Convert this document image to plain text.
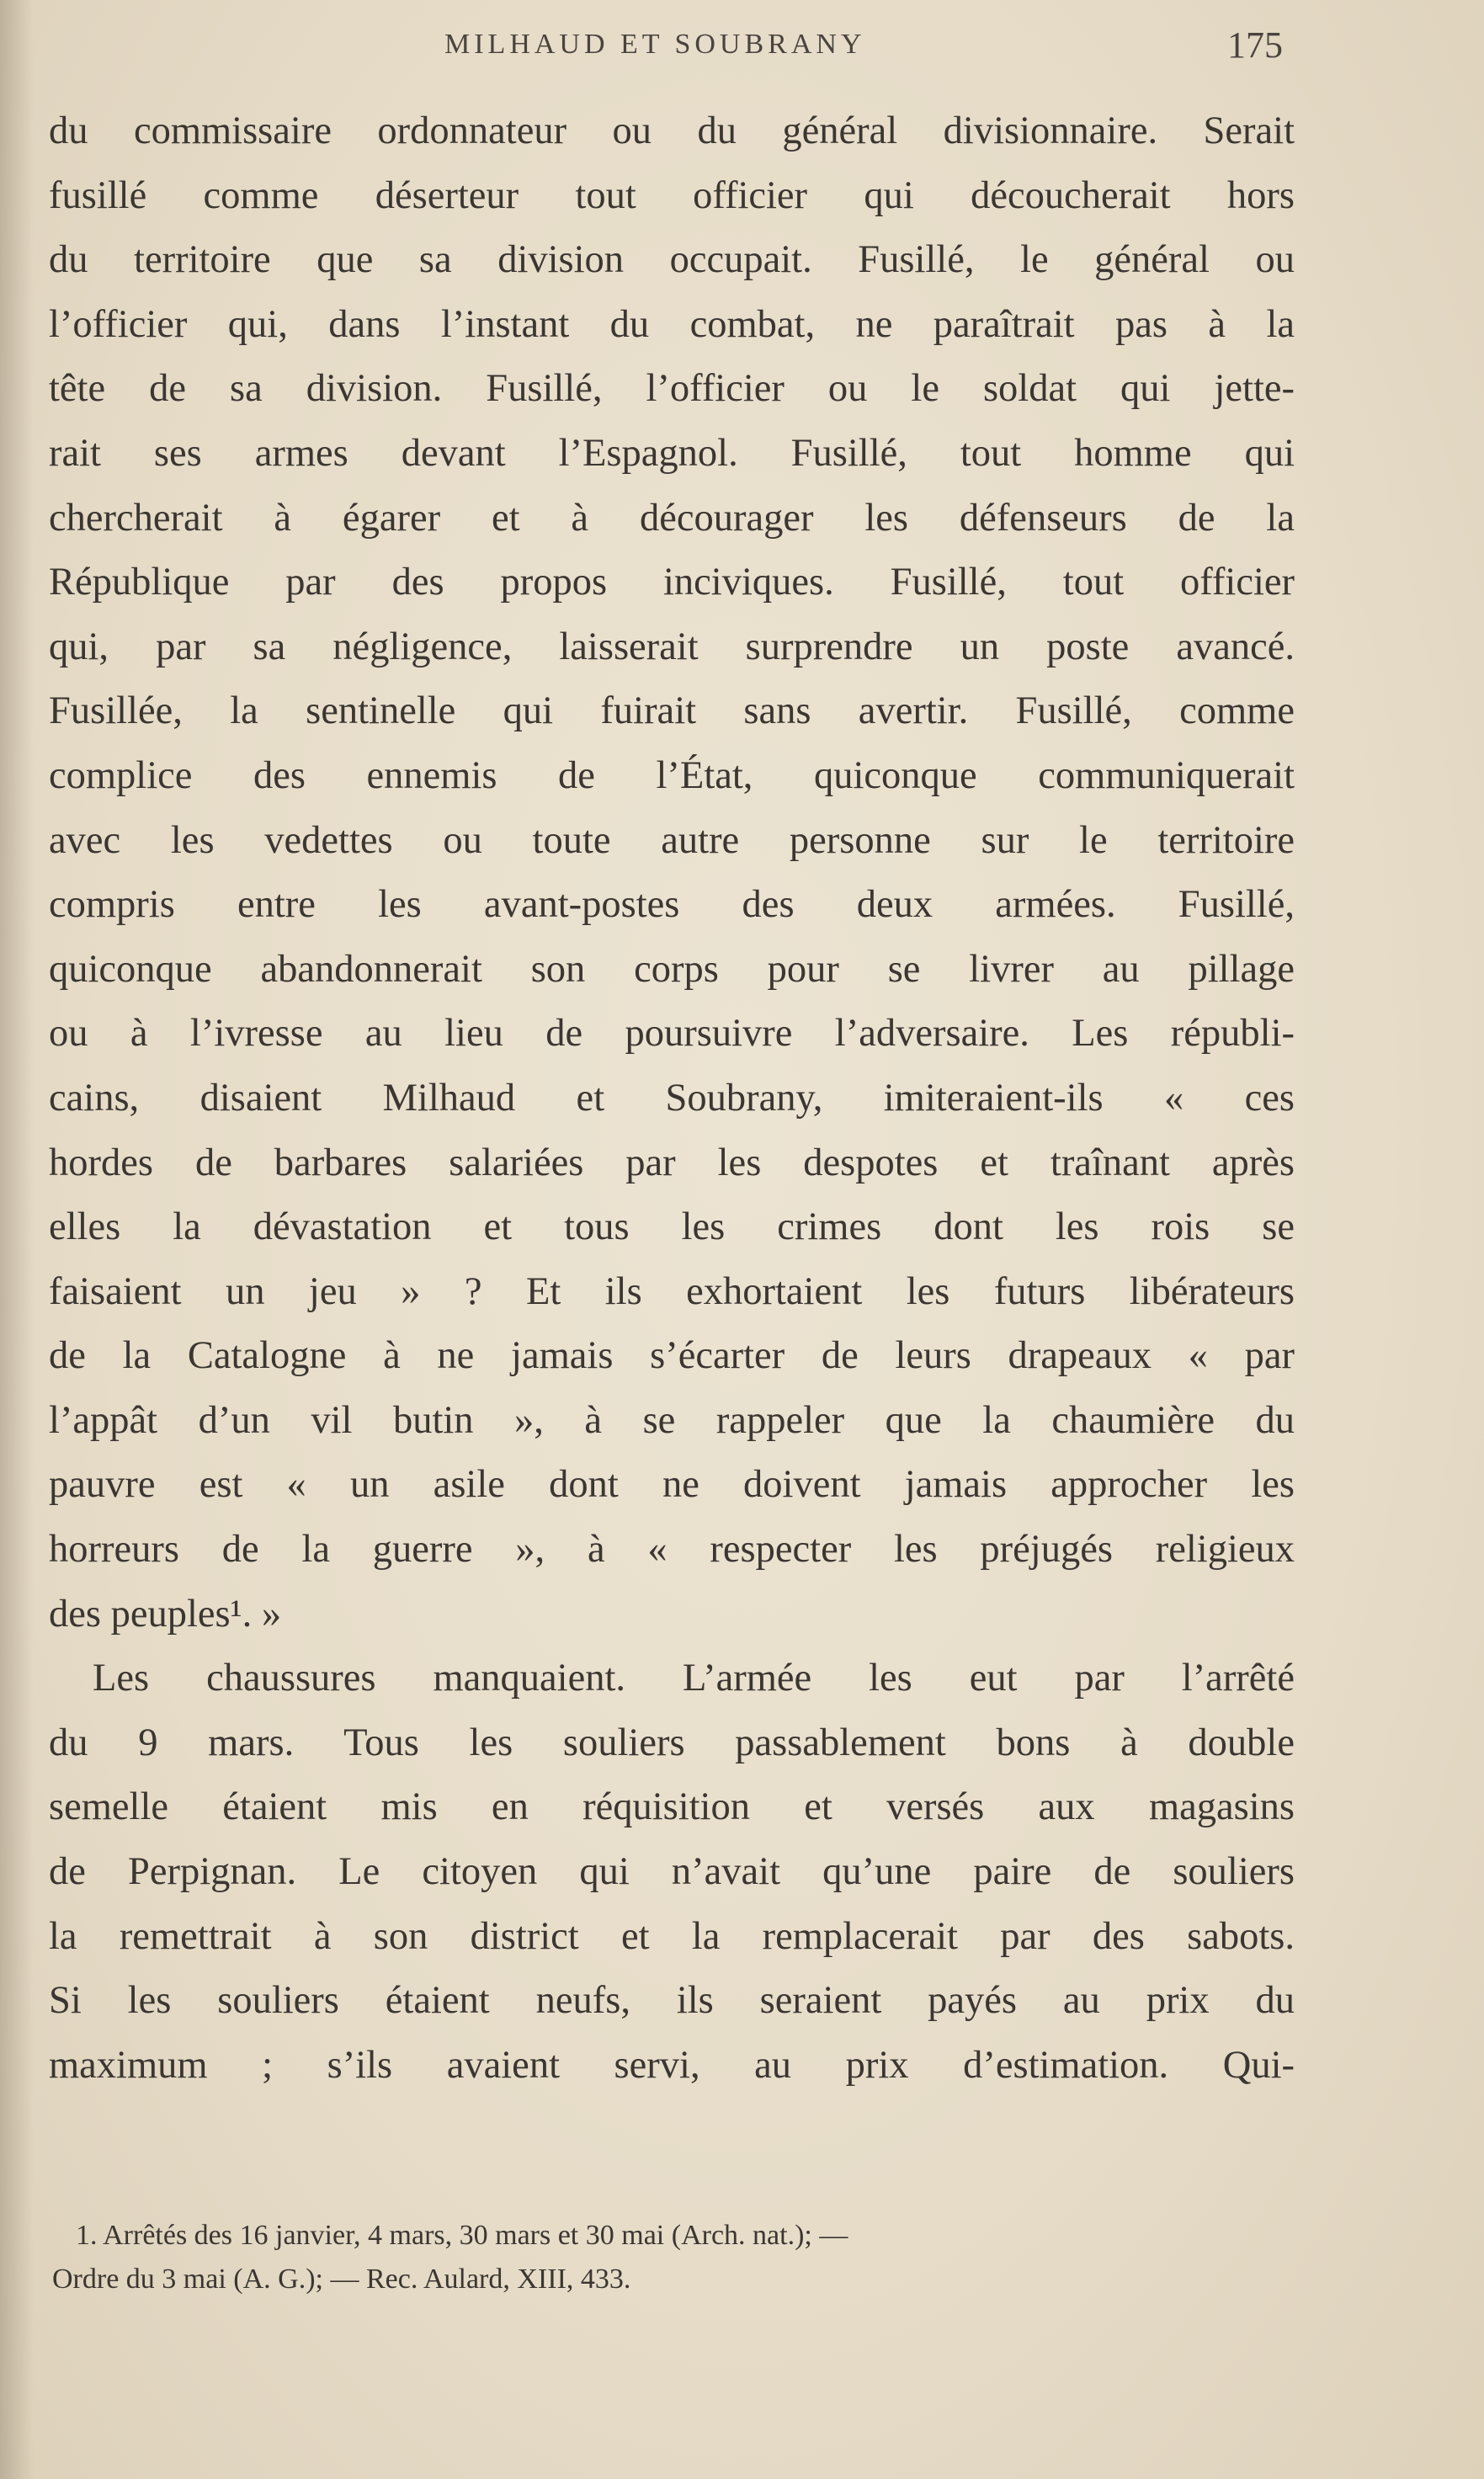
MILHAUD ET SOUBRANY	175
du commissaire ordonnateur ou du général divisionnaire. Serait
fusillé comme déserteur tout officier qui découcherait hors
du territoire que sa division occupait. Fusillé, le général ou
l’officier qui, dans l’instant du combat, ne paraîtrait pas à la
tête de sa division. Fusillé, l’officier ou le soldat qui jette-
rait ses armes devant l’Espagnol. Fusillé, tout homme qui
chercherait à égarer et à décourager les défenseurs de la
République par des propos inciviques. Fusillé, tout officier
qui, par sa négligence, laisserait surprendre un poste avancé.
Fusillée, la sentinelle qui fuirait sans avertir. Fusillé, comme
complice des ennemis de l’État, quiconque communiquerait
avec les vedettes ou toute autre personne sur le territoire
compris entre les avant-postes des deux armées. Fusillé,
quiconque abandonnerait son corps pour se livrer au pillage
ou à l’ivresse au lieu de poursuivre l’adversaire. Les républi-
cains, disaient Milhaud et Soubrany, imiteraient-ils « ces
hordes de barbares salariées par les despotes et traînant après
elles la dévastation et tous les crimes dont les rois se
faisaient un jeu » ? Et ils exhortaient les futurs libérateurs
de la Catalogne à ne jamais s’écarter de leurs drapeaux « par
l’appât d’un vil butin », à se rappeler que la chaumière du
pauvre est « un asile dont ne doivent jamais approcher les
horreurs de la guerre », à « respecter les préjugés religieux
des peuples¹. »
Les chaussures manquaient. L’armée les eut par l’arrêté
du 9 mars. Tous les souliers passablement bons à double
semelle étaient mis en réquisition et versés aux magasins
de Perpignan. Le citoyen qui n’avait qu’une paire de souliers
la remettrait à son district et la remplacerait par des sabots.
Si les souliers étaient neufs, ils seraient payés au prix du
maximum ; s’ils avaient servi, au prix d’estimation. Qui-
1. Arrêtés des 16 janvier, 4 mars, 30 mars et 30 mai (Arch. nat.); —
Ordre du 3 mai (A. G.); — Rec. Aulard, XIII, 433.
